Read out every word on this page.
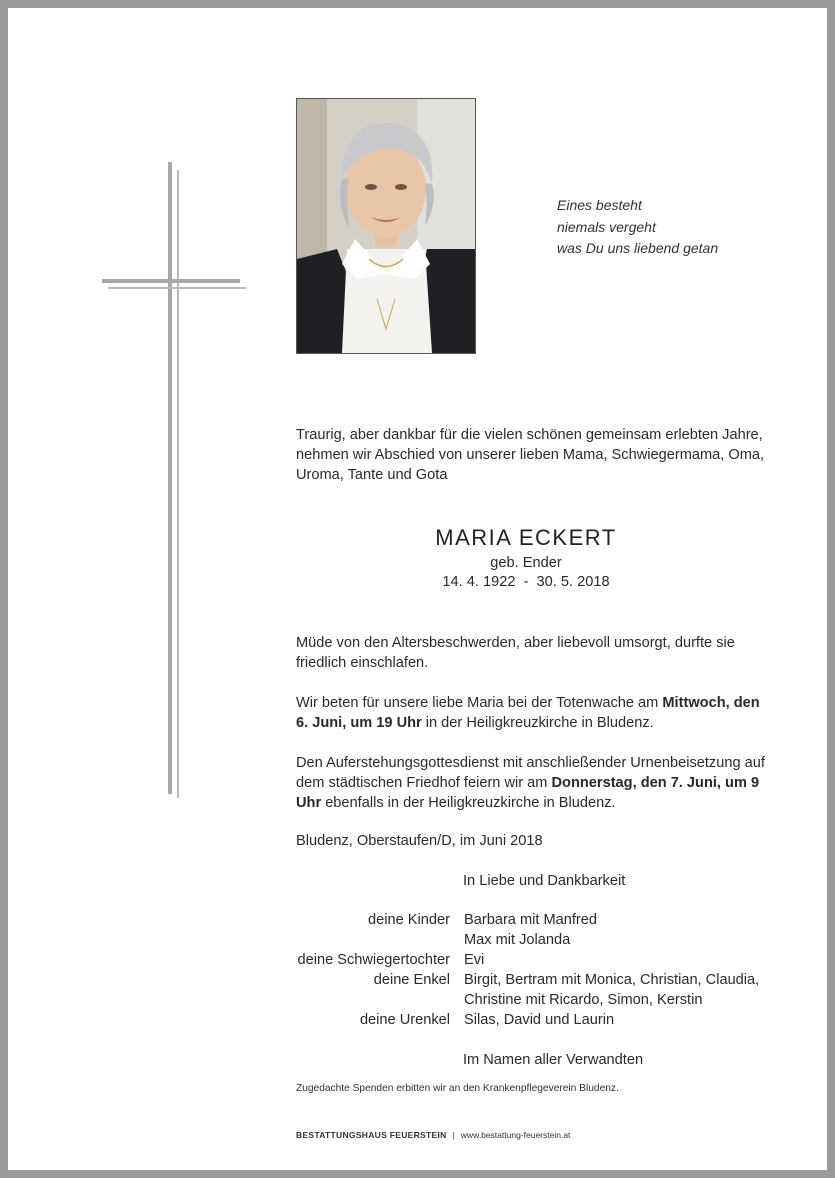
Eines besteht
niemals vergeht
was Du uns liebend getan
Traurig, aber dankbar für die vielen schönen gemeinsam erlebten Jahre, nehmen wir Abschied von unserer lieben Mama, Schwiegermama, Oma, Uroma, Tante und Gota
MARIA ECKERT
geb. Ender
14. 4. 1922  -  30. 5. 2018
Müde von den Altersbeschwerden, aber liebevoll umsorgt, durfte sie friedlich einschlafen.
Wir beten für unsere liebe Maria bei der Totenwache am Mittwoch, den 6. Juni, um 19 Uhr in der Heiligkreuzkirche in Bludenz.
Den Auferstehungsgottesdienst mit anschließender Urnenbeisetzung auf dem städtischen Friedhof feiern wir am Donnerstag, den 7. Juni, um 9 Uhr ebenfalls in der Heiligkreuzkirche in Bludenz.
Bludenz, Oberstaufen/D, im Juni 2018
In Liebe und Dankbarkeit
deine Kinder Barbara mit Manfred
Max mit Jolanda
deine Schwiegertochter Evi
deine Enkel Birgit, Bertram mit Monica, Christian, Claudia,
Christine mit Ricardo, Simon, Kerstin
deine Urenkel Silas, David und Laurin
Im Namen aller Verwandten
Zugedachte Spenden erbitten wir an den Krankenpflegeverein Bludenz.
BESTATTUNGSHAUS FEUERSTEIN | www.bestattung-feuerstein.at
